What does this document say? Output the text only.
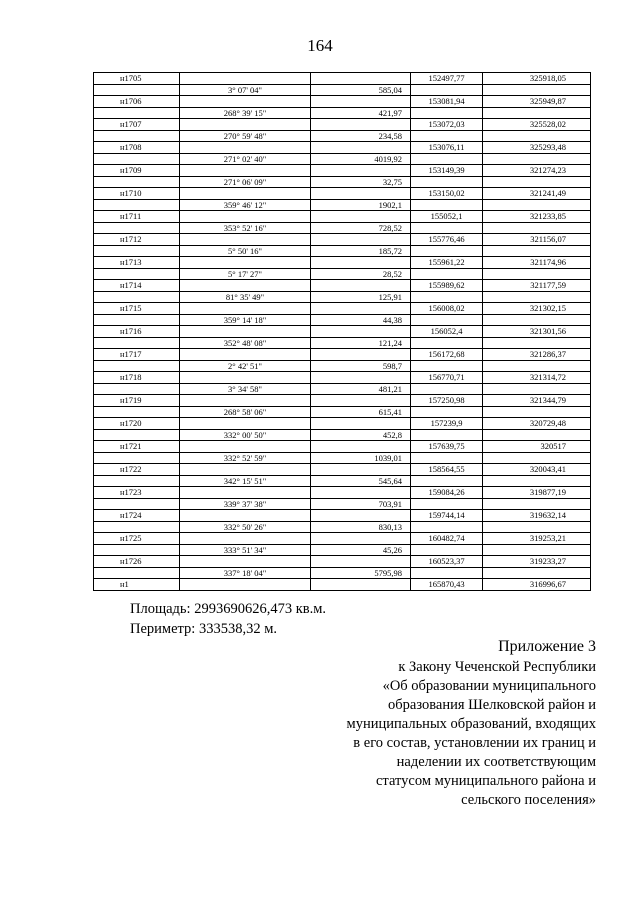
164
н1705			152497,77	325918,05
	3° 07' 04"	585,04		
н1706			153081,94	325949,87
	268° 39' 15"	421,97		
н1707			153072,03	325528,02
	270° 59' 48"	234,58		
н1708			153076,11	325293,48
	271° 02' 40"	4019,92		
н1709			153149,39	321274,23
	271° 06' 09"	32,75		
н1710			153150,02	321241,49
	359° 46' 12"	1902,1		
н1711			155052,1	321233,85
	353° 52' 16"	728,52		
н1712			155776,46	321156,07
	5° 50' 16"	185,72		
н1713			155961,22	321174,96
	5° 17' 27"	28,52		
н1714			155989,62	321177,59
	81° 35' 49"	125,91		
н1715			156008,02	321302,15
	359° 14' 18"	44,38		
н1716			156052,4	321301,56
	352° 48' 08"	121,24		
н1717			156172,68	321286,37
	2° 42' 51"	598,7		
н1718			156770,71	321314,72
	3° 34' 58"	481,21		
н1719			157250,98	321344,79
	268° 58' 06"	615,41		
н1720			157239,9	320729,48
	332° 00' 50"	452,8		
н1721			157639,75	320517
	332° 52' 59"	1039,01		
н1722			158564,55	320043,41
	342° 15' 51"	545,64		
н1723			159084,26	319877,19
	339° 37' 38"	703,91		
н1724			159744,14	319632,14
	332° 50' 26"	830,13		
н1725			160482,74	319253,21
	333° 51' 34"	45,26		
н1726			160523,37	319233,27
	337° 18' 04"	5795,98		
н1			165870,43	316996,67
Площадь: 2993690626,473 кв.м.
Периметр: 333538,32 м.
Приложение 3
к Закону Чеченской Республики
«Об образовании муниципального
образования Шелковской район и
муниципальных образований, входящих
в его состав, установлении их границ и
наделении их соответствующим
статусом муниципального района и
сельского поселения»
